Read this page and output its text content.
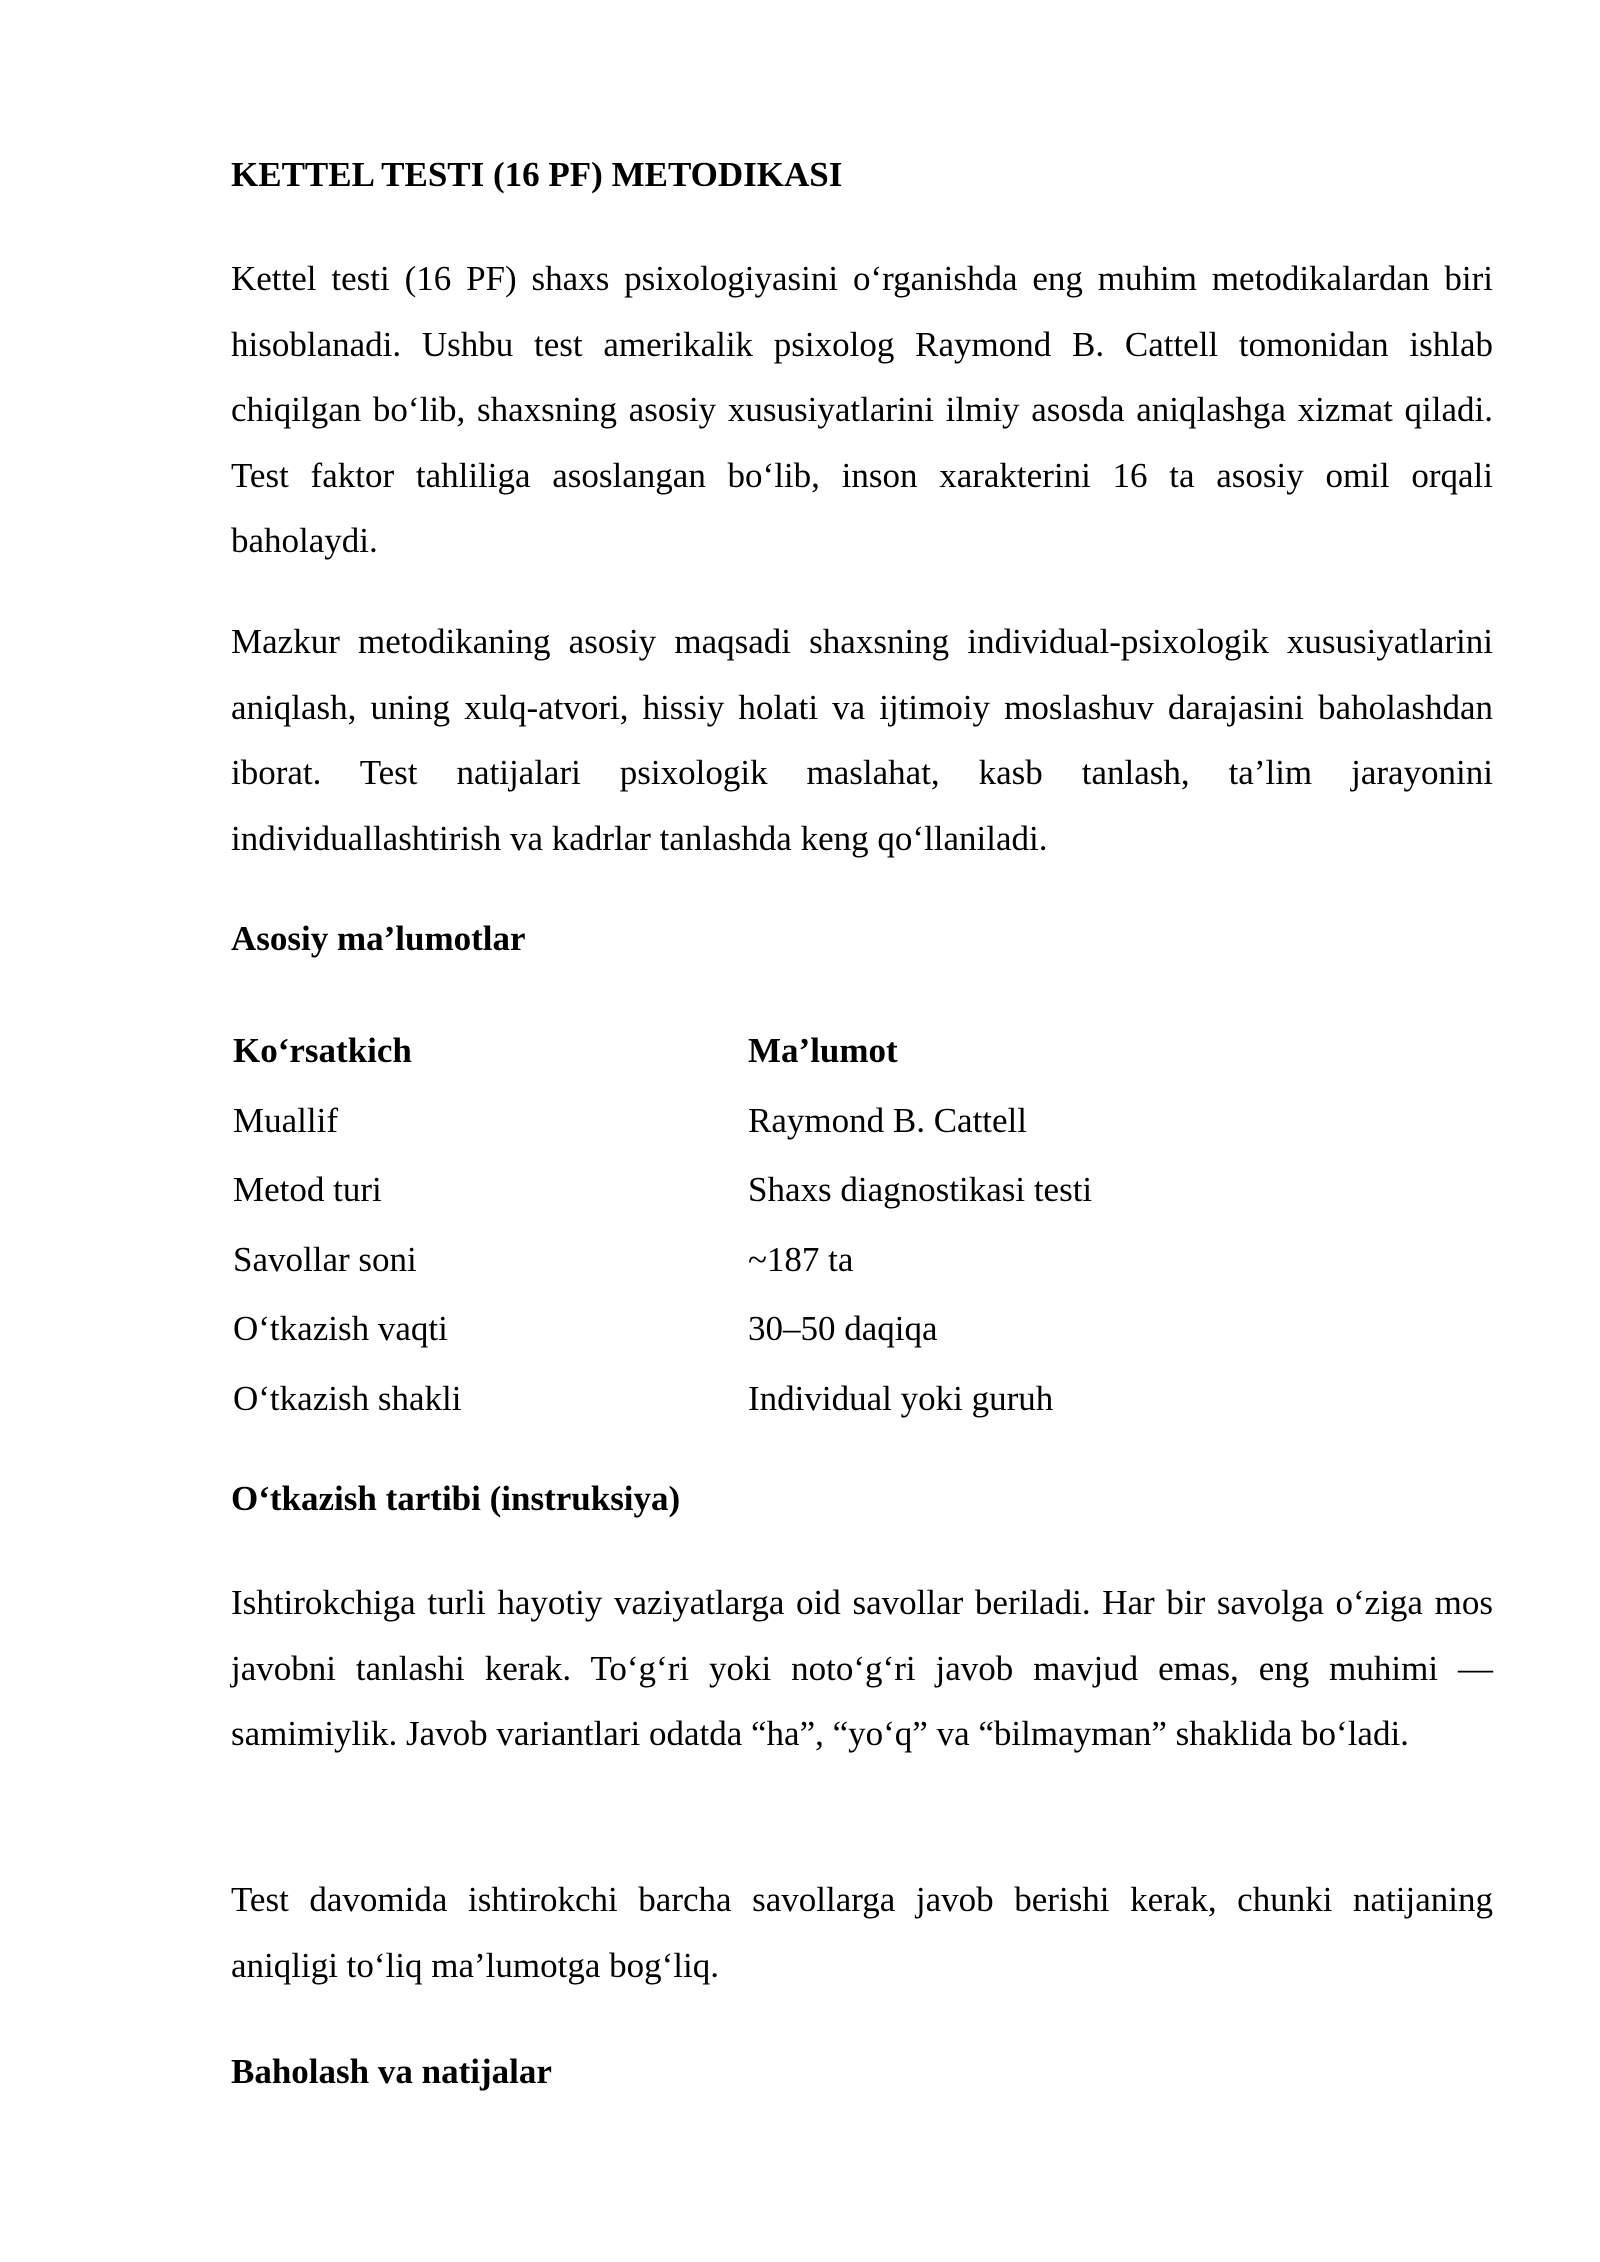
KETTEL TESTI (16 PF) METODIKASI

Kettel testi (16 PF) shaxs psixologiyasini o‘rganishda eng muhim metodikalardan biri hisoblanadi. Ushbu test amerikalik psixolog Raymond B. Cattell tomonidan ishlab chiqilgan bo‘lib, shaxsning asosiy xususiyatlarini ilmiy asosda aniqlashga xizmat qiladi. Test faktor tahliliga asoslangan bo‘lib, inson xarakterini 16 ta asosiy omil orqali baholaydi.

Mazkur metodikaning asosiy maqsadi shaxsning individual-psixologik xususiyatlarini aniqlash, uning xulq-atvori, hissiy holati va ijtimoiy moslashuv darajasini baholashdan iborat. Test natijalari psixologik maslahat, kasb tanlash, ta’lim jarayonini individuallashtirish va kadrlar tanlashda keng qo‘llaniladi.

Asosiy ma’lumotlar
Ko‘rsatkich	Ma’lumot
Muallif	Raymond B. Cattell
Metod turi	Shaxs diagnostikasi testi
Savollar soni	~187 ta
O‘tkazish vaqti	30–50 daqiqa
O‘tkazish shakli	Individual yoki guruh
O‘tkazish tartibi (instruksiya)

Ishtirokchiga turli hayotiy vaziyatlarga oid savollar beriladi. Har bir savolga o‘ziga mos javobni tanlashi kerak. To‘g‘ri yoki noto‘g‘ri javob mavjud emas, eng muhimi — samimiylik. Javob variantlari odatda “ha”, “yo‘q” va “bilmayman” shaklida bo‘ladi.

Test davomida ishtirokchi barcha savollarga javob berishi kerak, chunki natijaning aniqligi to‘liq ma’lumotga bog‘liq.

Baholash va natijalar
